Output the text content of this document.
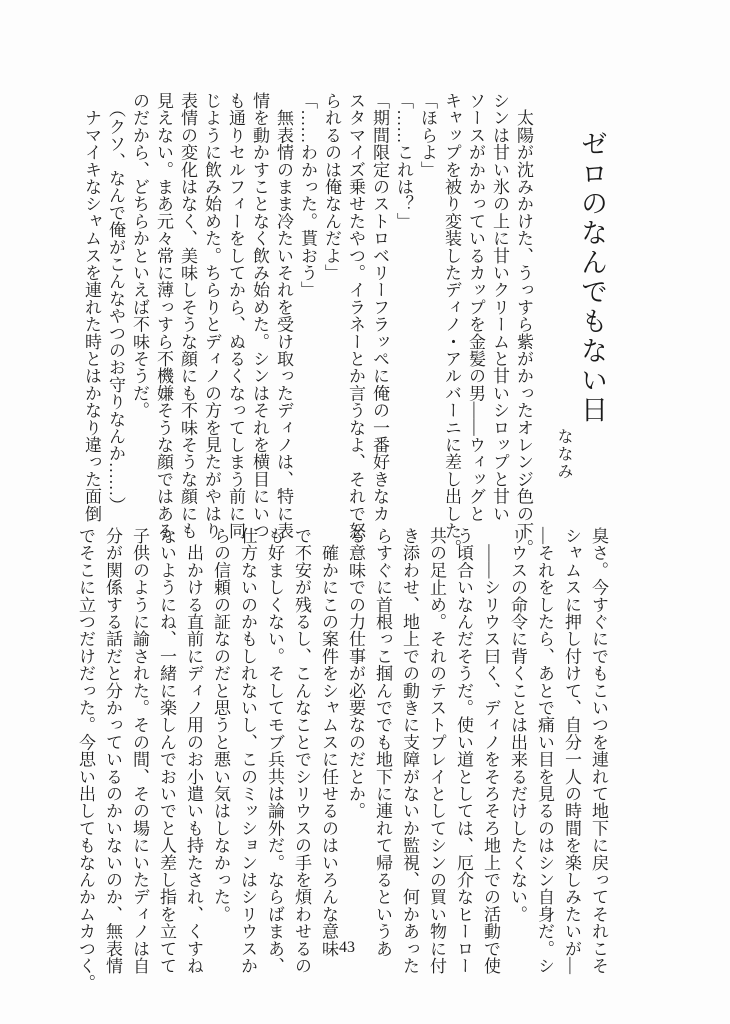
ゼロのなんでもない日
ななみ
　太陽が沈みかけた、うっすら紫がかったオレンジ色の下。
シンは甘い氷の上に甘いクリームと甘いシロップと甘い
ソースがかかっているカップを金髪の男――ウィッグと
キャップを被り変装したディノ・アルバーニに差し出した。
「ほらよ」
「……これは？」
「期間限定のストロベリーフラッペに俺の一番好きなカ
スタマイズ乗せたやつ。イラネーとか言うなよ、それで怒
られるのは俺なんだよ」
「……わかった。貰おう」
　無表情のまま冷たいそれを受け取ったディノは、特に表
情を動かすことなく飲み始めた。シンはそれを横目にいつ
も通りセルフィーをしてから、ぬるくなってしまう前に同
じように飲み始めた。ちらりとディノの方を見たがやはり
表情の変化はなく、美味しそうな顔にも不味そうな顔にも
見えない。まあ元々常に薄っすら不機嫌そうな顔ではある
のだから、どちらかといえば不味そうだ。
　（クソ、なんで俺がこんなやつのお守りなんか……）
　ナマイキなシャムスを連れた時とはかなり違った面倒
臭さ。今すぐにでもこいつを連れて地下に戻ってそれこそ
シャムスに押し付けて、自分一人の時間を楽しみたいが―
―それをしたら、あとで痛い目を見るのはシン自身だ。シ
リウスの命令に背くことは出来るだけしたくない。
　――シリウス曰く、ディノをそろそろ地上での活動で使
う頃合いなんだそうだ。使い道としては、厄介なヒーロー
共の足止め。それのテストプレイとしてシンの買い物に付
き添わせ、地上での動きに支障がないか監視、何かあった
らすぐに首根っこ掴んででも地下に連れて帰るというあ
る意味での力仕事が必要なのだとか。
　確かにこの案件をシャムスに任せるのはいろんな意味
で不安が残るし、こんなことでシリウスの手を煩わせるの
も好ましくない。そしてモブ兵共は論外だ。ならばまあ、
仕方ないのかもしれないし、このミッションはシリウスか
らの信頼の証なのだと思うと悪い気はしなかった。
　出かける直前にディノ用のお小遣いも持たされ、くすね
ないようにね、一緒に楽しんでおいでと人差し指を立てて
子供のように諭された。その間、その場にいたディノは自
分が関係する話だと分かっているのかいないのか、無表情
でそこに立つだけだった。今思い出してもなんかムカつく。	43
